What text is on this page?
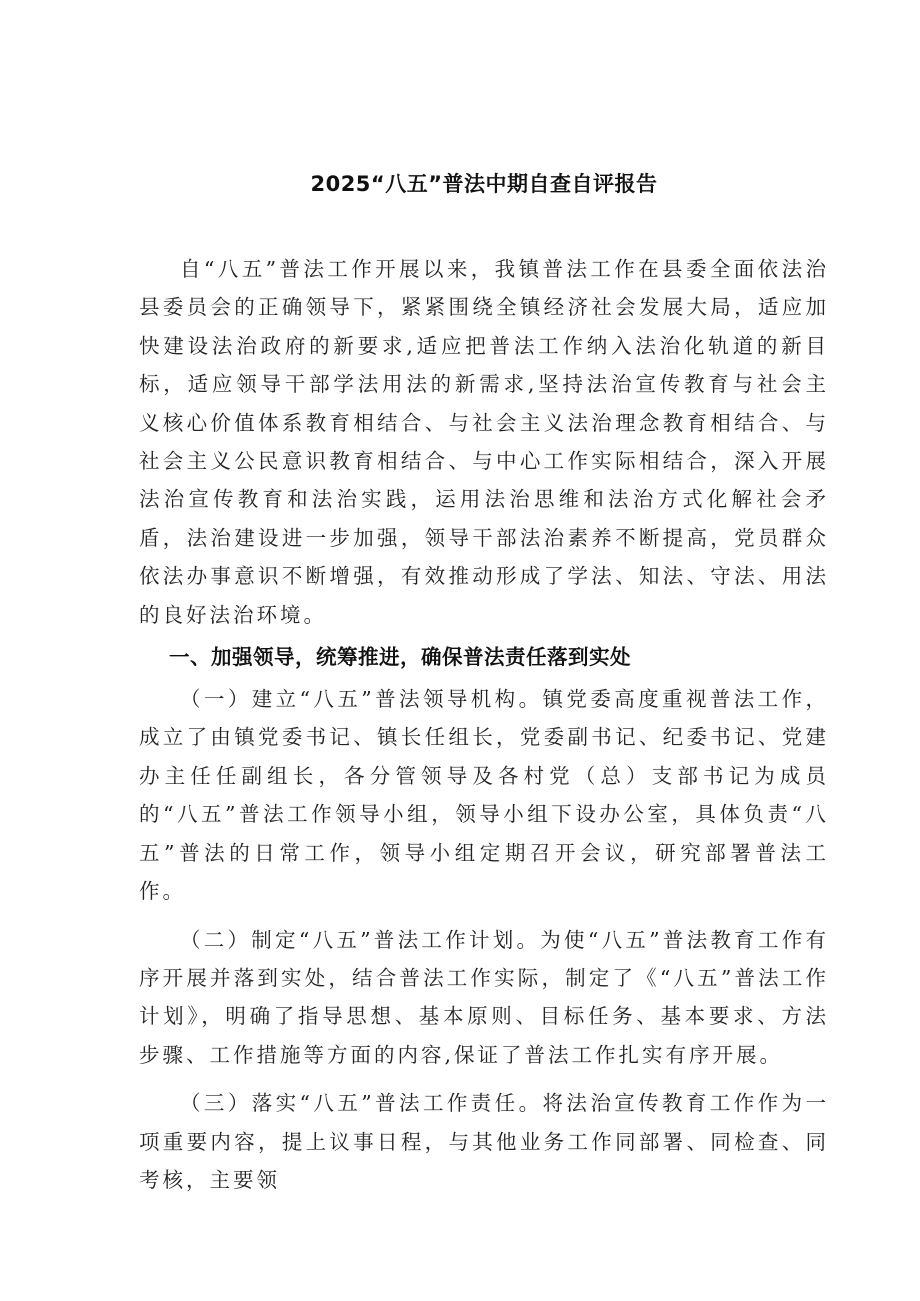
2025“八五”普法中期自查自评报告

自“八五”普法工作开展以来，我镇普法工作在县委全面依法治县委员会的正确领导下，紧紧围绕全镇经济社会发展大局，适应加快建设法治政府的新要求,适应把普法工作纳入法治化轨道的新目标，适应领导干部学法用法的新需求,坚持法治宣传教育与社会主义核心价值体系教育相结合、与社会主义法治理念教育相结合、与社会主义公民意识教育相结合、与中心工作实际相结合，深入开展法治宣传教育和法治实践，运用法治思维和法治方式化解社会矛盾，法治建设进一步加强，领导干部法治素养不断提高，党员群众依法办事意识不断增强，有效推动形成了学法、知法、守法、用法的良好法治环境。

一、加强领导，统筹推进，确保普法责任落到实处

（一）建立“八五”普法领导机构。镇党委高度重视普法工作，成立了由镇党委书记、镇长任组长，党委副书记、纪委书记、党建办主任任副组长，各分管领导及各村党（总）支部书记为成员的“八五”普法工作领导小组，领导小组下设办公室，具体负责“八五”普法的日常工作，领导小组定期召开会议，研究部署普法工作。

（二）制定“八五”普法工作计划。为使“八五”普法教育工作有序开展并落到实处，结合普法工作实际，制定了《“八五”普法工作计划》，明确了指导思想、基本原则、目标任务、基本要求、方法步骤、工作措施等方面的内容,保证了普法工作扎实有序开展。

（三）落实“八五”普法工作责任。将法治宣传教育工作作为一项重要内容，提上议事日程，与其他业务工作同部署、同检查、同考核，主要领
